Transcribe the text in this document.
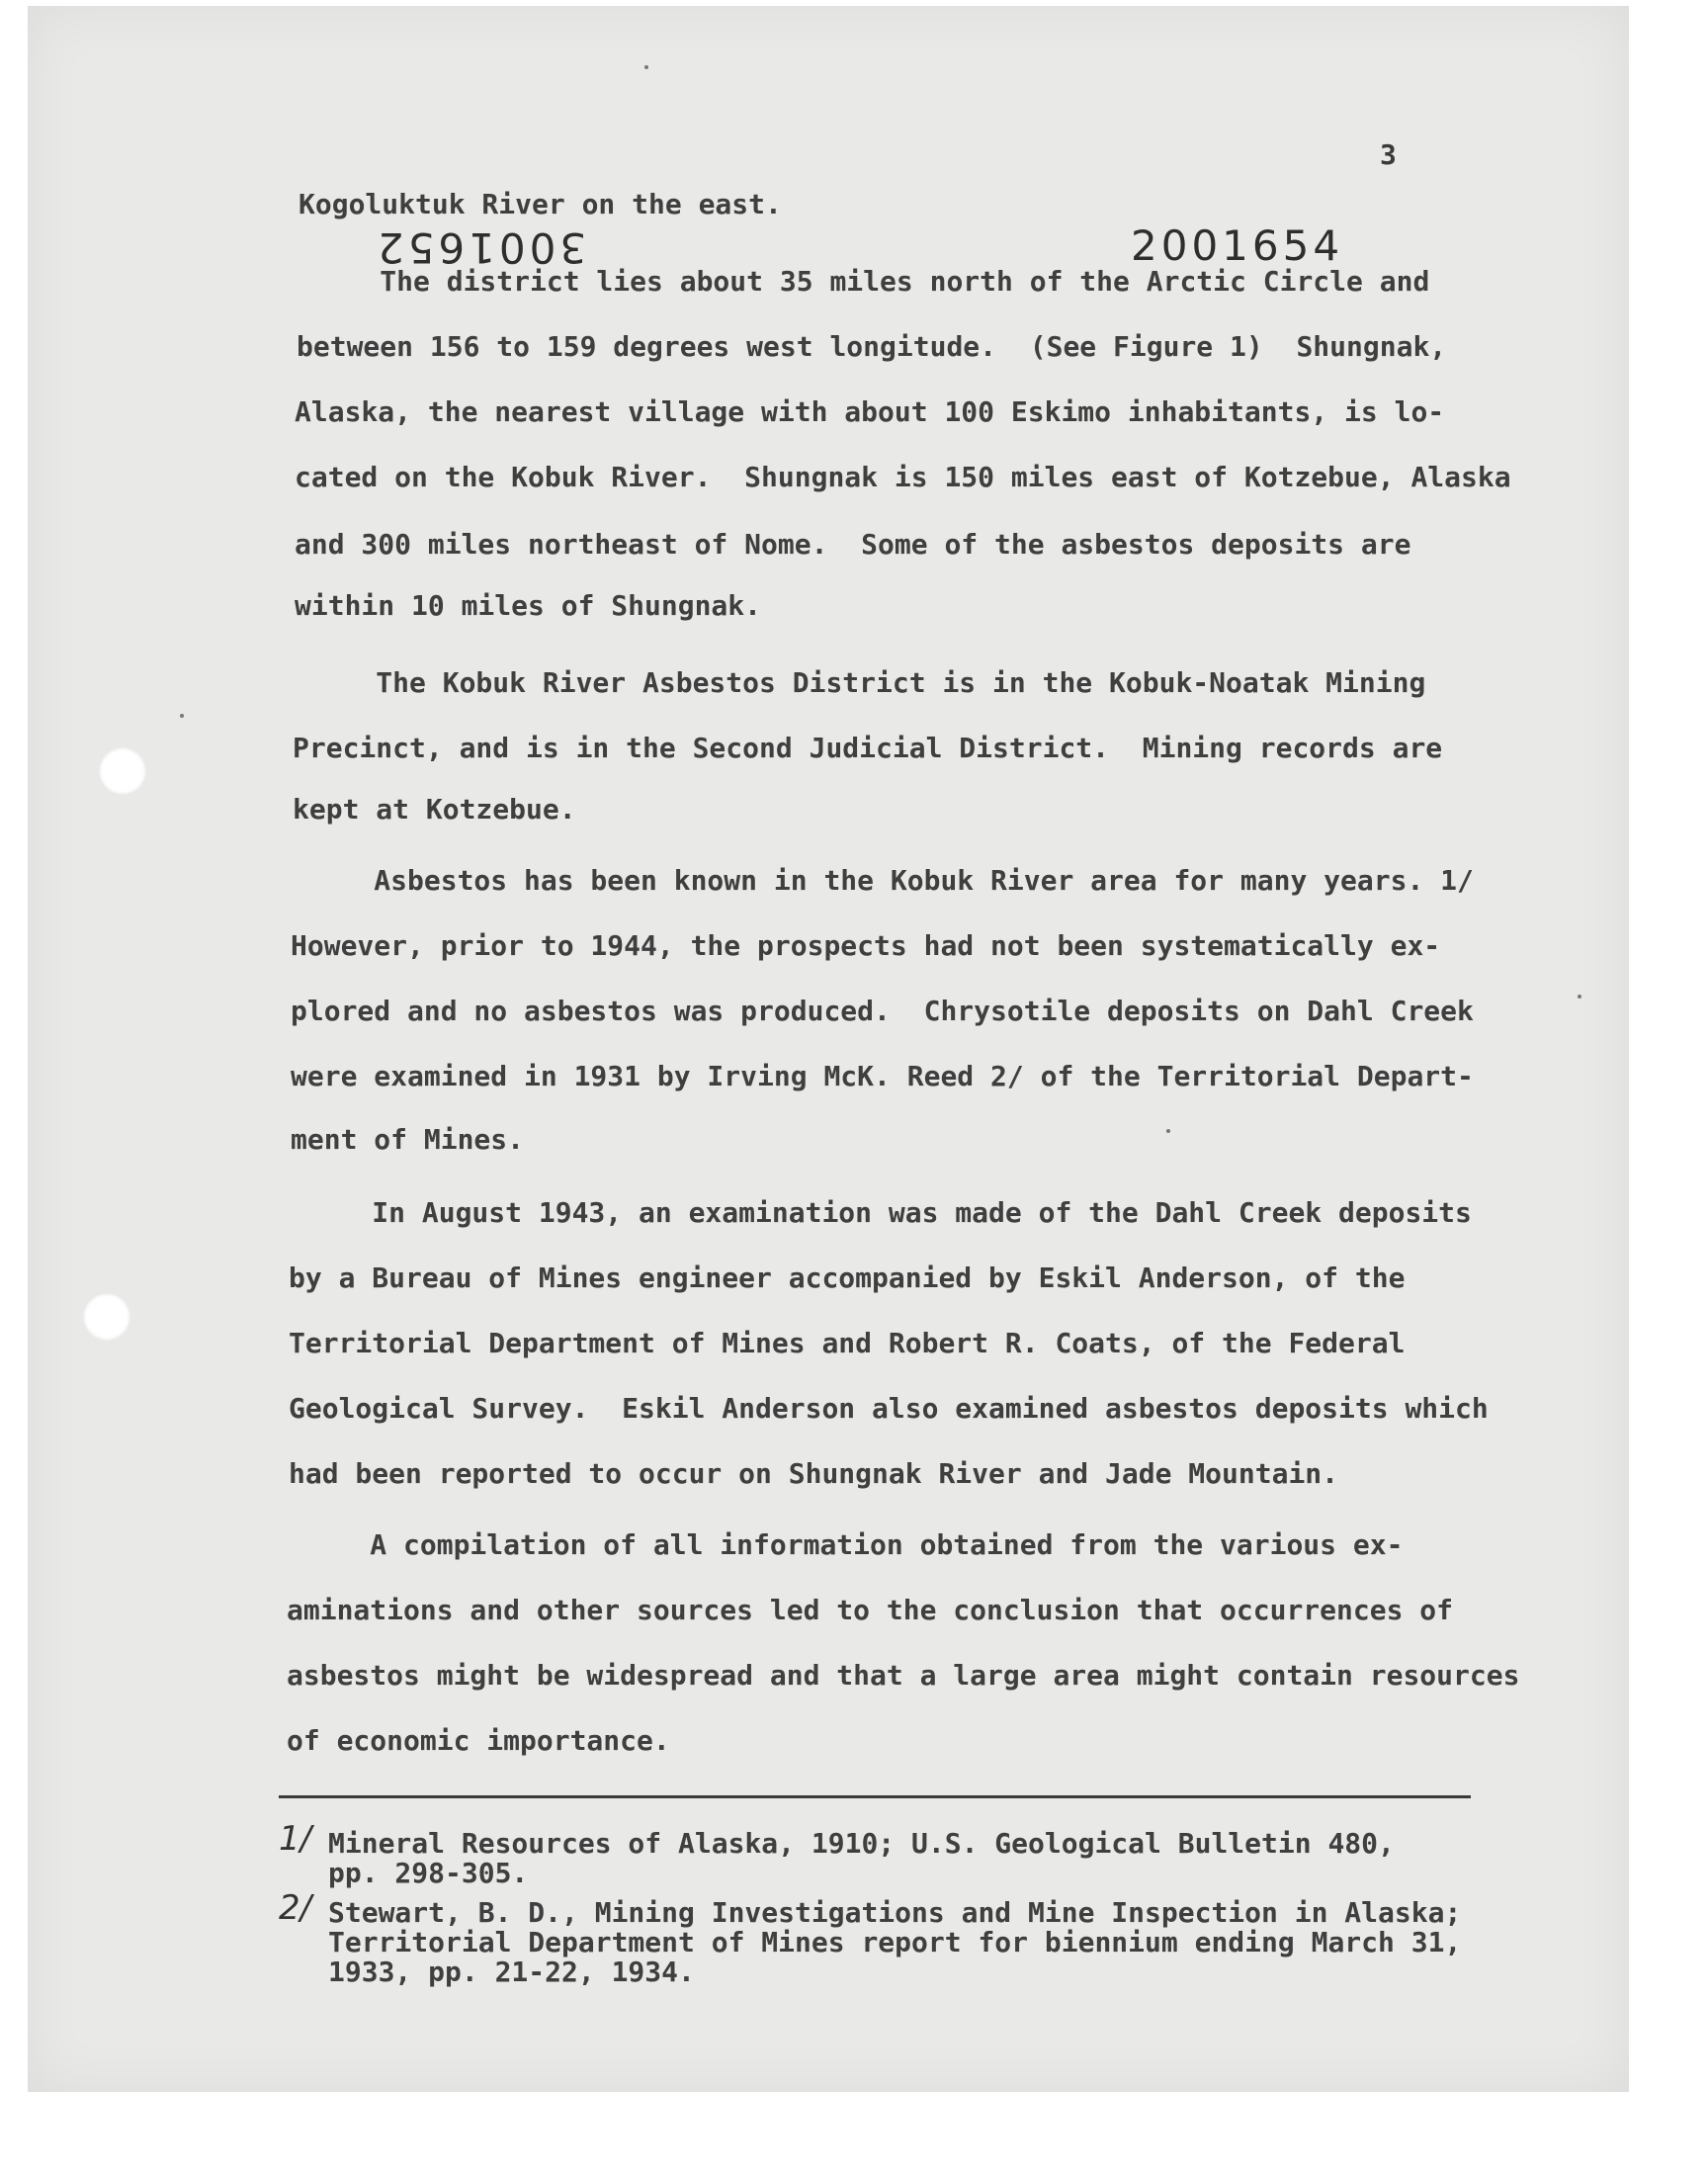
3
3001652	2001654
Kogoluktuk River on the east.
The district lies about 35 miles north of the Arctic Circle and
between 156 to 159 degrees west longitude.  (See Figure 1)  Shungnak,
Alaska, the nearest village with about 100 Eskimo inhabitants, is lo-
cated on the Kobuk River.  Shungnak is 150 miles east of Kotzebue, Alaska
and 300 miles northeast of Nome.  Some of the asbestos deposits are
within 10 miles of Shungnak.
The Kobuk River Asbestos District is in the Kobuk-Noatak Mining
Precinct, and is in the Second Judicial District.  Mining records are
kept at Kotzebue.
Asbestos has been known in the Kobuk River area for many years. 1/
However, prior to 1944, the prospects had not been systematically ex-
plored and no asbestos was produced.  Chrysotile deposits on Dahl Creek
were examined in 1931 by Irving McK. Reed 2/ of the Territorial Depart-
ment of Mines.
In August 1943, an examination was made of the Dahl Creek deposits
by a Bureau of Mines engineer accompanied by Eskil Anderson, of the
Territorial Department of Mines and Robert R. Coats, of the Federal
Geological Survey.  Eskil Anderson also examined asbestos deposits which
had been reported to occur on Shungnak River and Jade Mountain.
A compilation of all information obtained from the various ex-
aminations and other sources led to the conclusion that occurrences of
asbestos might be widespread and that a large area might contain resources
of economic importance.
1/ Mineral Resources of Alaska, 1910; U.S. Geological Bulletin 480,
pp. 298-305.
2/ Stewart, B. D., Mining Investigations and Mine Inspection in Alaska;
Territorial Department of Mines report for biennium ending March 31,
1933, pp. 21-22, 1934.
